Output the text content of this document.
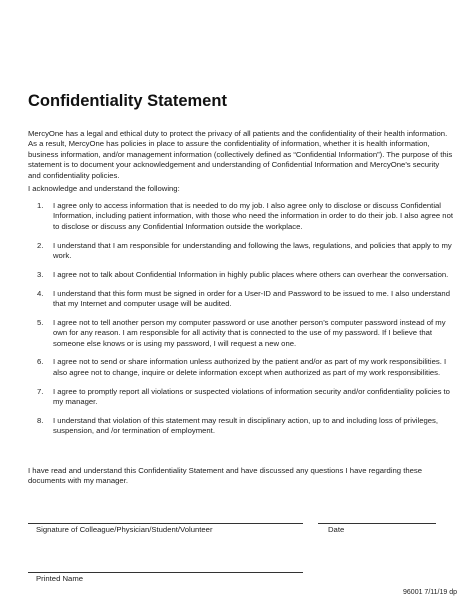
Confidentiality Statement

MercyOne has a legal and ethical duty to protect the privacy of all patients and the confidentiality of their health information. As a result, MercyOne has policies in place to assure the confidentiality of information, whether it is health information, business information, and/or management information (collectively defined as “Confidential Information”). The purpose of this statement is to document your acknowledgement and understanding of Confidential Information and MercyOne's security and confidentiality policies.

I acknowledge and understand the following:

1. I agree only to access information that is needed to do my job. I also agree only to disclose or discuss Confidential Information, including patient information, with those who need the information in order to do their job. I also agree not to disclose or discuss any Confidential Information outside the workplace.
2. I understand that I am responsible for understanding and following the laws, regulations, and policies that apply to my work.
3. I agree not to talk about Confidential Information in highly public places where others can overhear the conversation.
4. I understand that this form must be signed in order for a User-ID and Password to be issued to me. I also understand that my Internet and computer usage will be audited.
5. I agree not to tell another person my computer password or use another person’s computer password instead of my own for any reason. I am responsible for all activity that is connected to the use of my password. If I believe that someone else knows or is using my password, I will request a new one.
6. I agree not to send or share information unless authorized by the patient and/or as part of my work responsibilities. I also agree not to change, inquire or delete information except when authorized as part of my work responsibilities.
7. I agree to promptly report all violations or suspected violations of information security and/or confidentiality policies to my manager.
8. I understand that violation of this statement may result in disciplinary action, up to and including loss of privileges, suspension, and /or termination of employment.

I have read and understand this Confidentiality Statement and have discussed any questions I have regarding these documents with my manager.

Signature of Colleague/Physician/Student/Volunteer	Date
Printed Name
96001 7/11/19 dp
